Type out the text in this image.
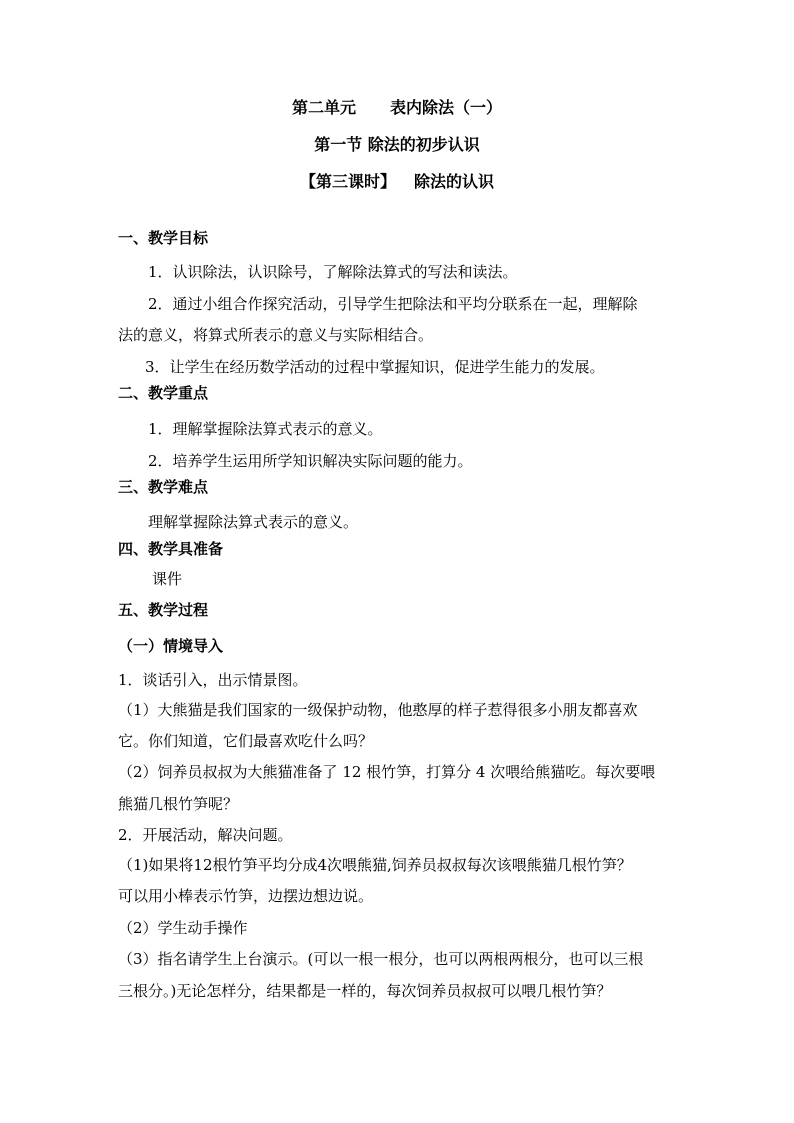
第二单元 表内除法（一）
第一节 除法的初步认识
【第三课时】 除法的认识
一、教学目标
1．认识除法，认识除号，了解除法算式的写法和读法。
2．通过小组合作探究活动，引导学生把除法和平均分联系在一起，理解除
法的意义，将算式所表示的意义与实际相结合。
3．让学生在经历数学活动的过程中掌握知识，促进学生能力的发展。
二、教学重点
1．理解掌握除法算式表示的意义。
2．培养学生运用所学知识解决实际问题的能力。
三、教学难点
理解掌握除法算式表示的意义。
四、教学具准备
课件
五、教学过程
（一）情境导入
1．谈话引入，出示情景图。
（1）大熊猫是我们国家的一级保护动物，他憨厚的样子惹得很多小朋友都喜欢
它。你们知道，它们最喜欢吃什么吗？
（2）饲养员叔叔为大熊猫准备了 12 根竹笋，打算分 4 次喂给熊猫吃。每次要喂
熊猫几根竹笋呢？
2．开展活动，解决问题。
（1)如果将12根竹笋平均分成4次喂熊猫,饲养员叔叔每次该喂熊猫几根竹笋？
可以用小棒表示竹笋，边摆边想边说。
（2）学生动手操作
（3）指名请学生上台演示。(可以一根一根分，也可以两根两根分，也可以三根
三根分。)无论怎样分，结果都是一样的，每次饲养员叔叔可以喂几根竹笋？
